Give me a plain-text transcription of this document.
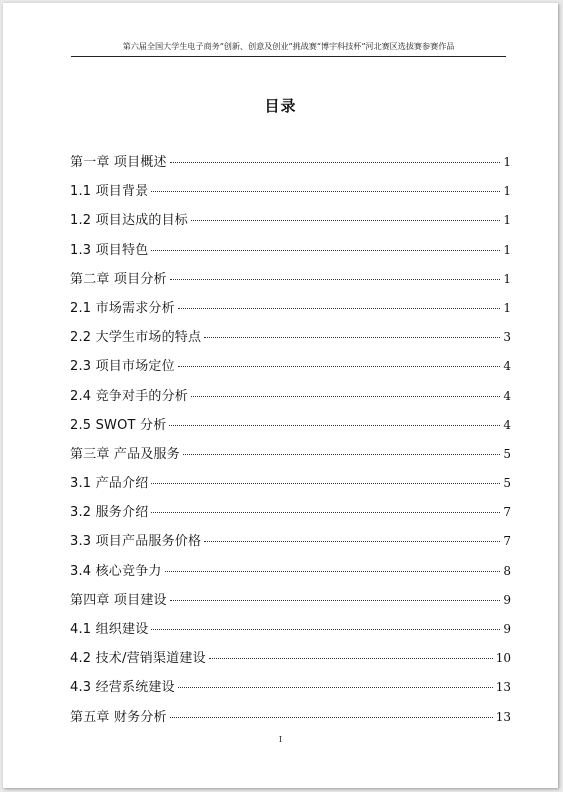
第六届全国大学生电子商务“创新、创意及创业”挑战赛“博宇科技杯”河北赛区选拔赛参赛作品
目录
第一章 项目概述	1
1.1 项目背景	1
1.2 项目达成的目标	1
1.3 项目特色	1
第二章 项目分析	1
2.1 市场需求分析	1
2.2 大学生市场的特点	3
2.3 项目市场定位	4
2.4 竞争对手的分析	4
2.5 SWOT 分析	4
第三章 产品及服务	5
3.1 产品介绍	5
3.2 服务介绍	7
3.3 项目产品服务价格	7
3.4 核心竞争力	8
第四章 项目建设	9
4.1 组织建设	9
4.2 技术/营销渠道建设	10
4.3 经营系统建设	13
第五章 财务分析	13
I
